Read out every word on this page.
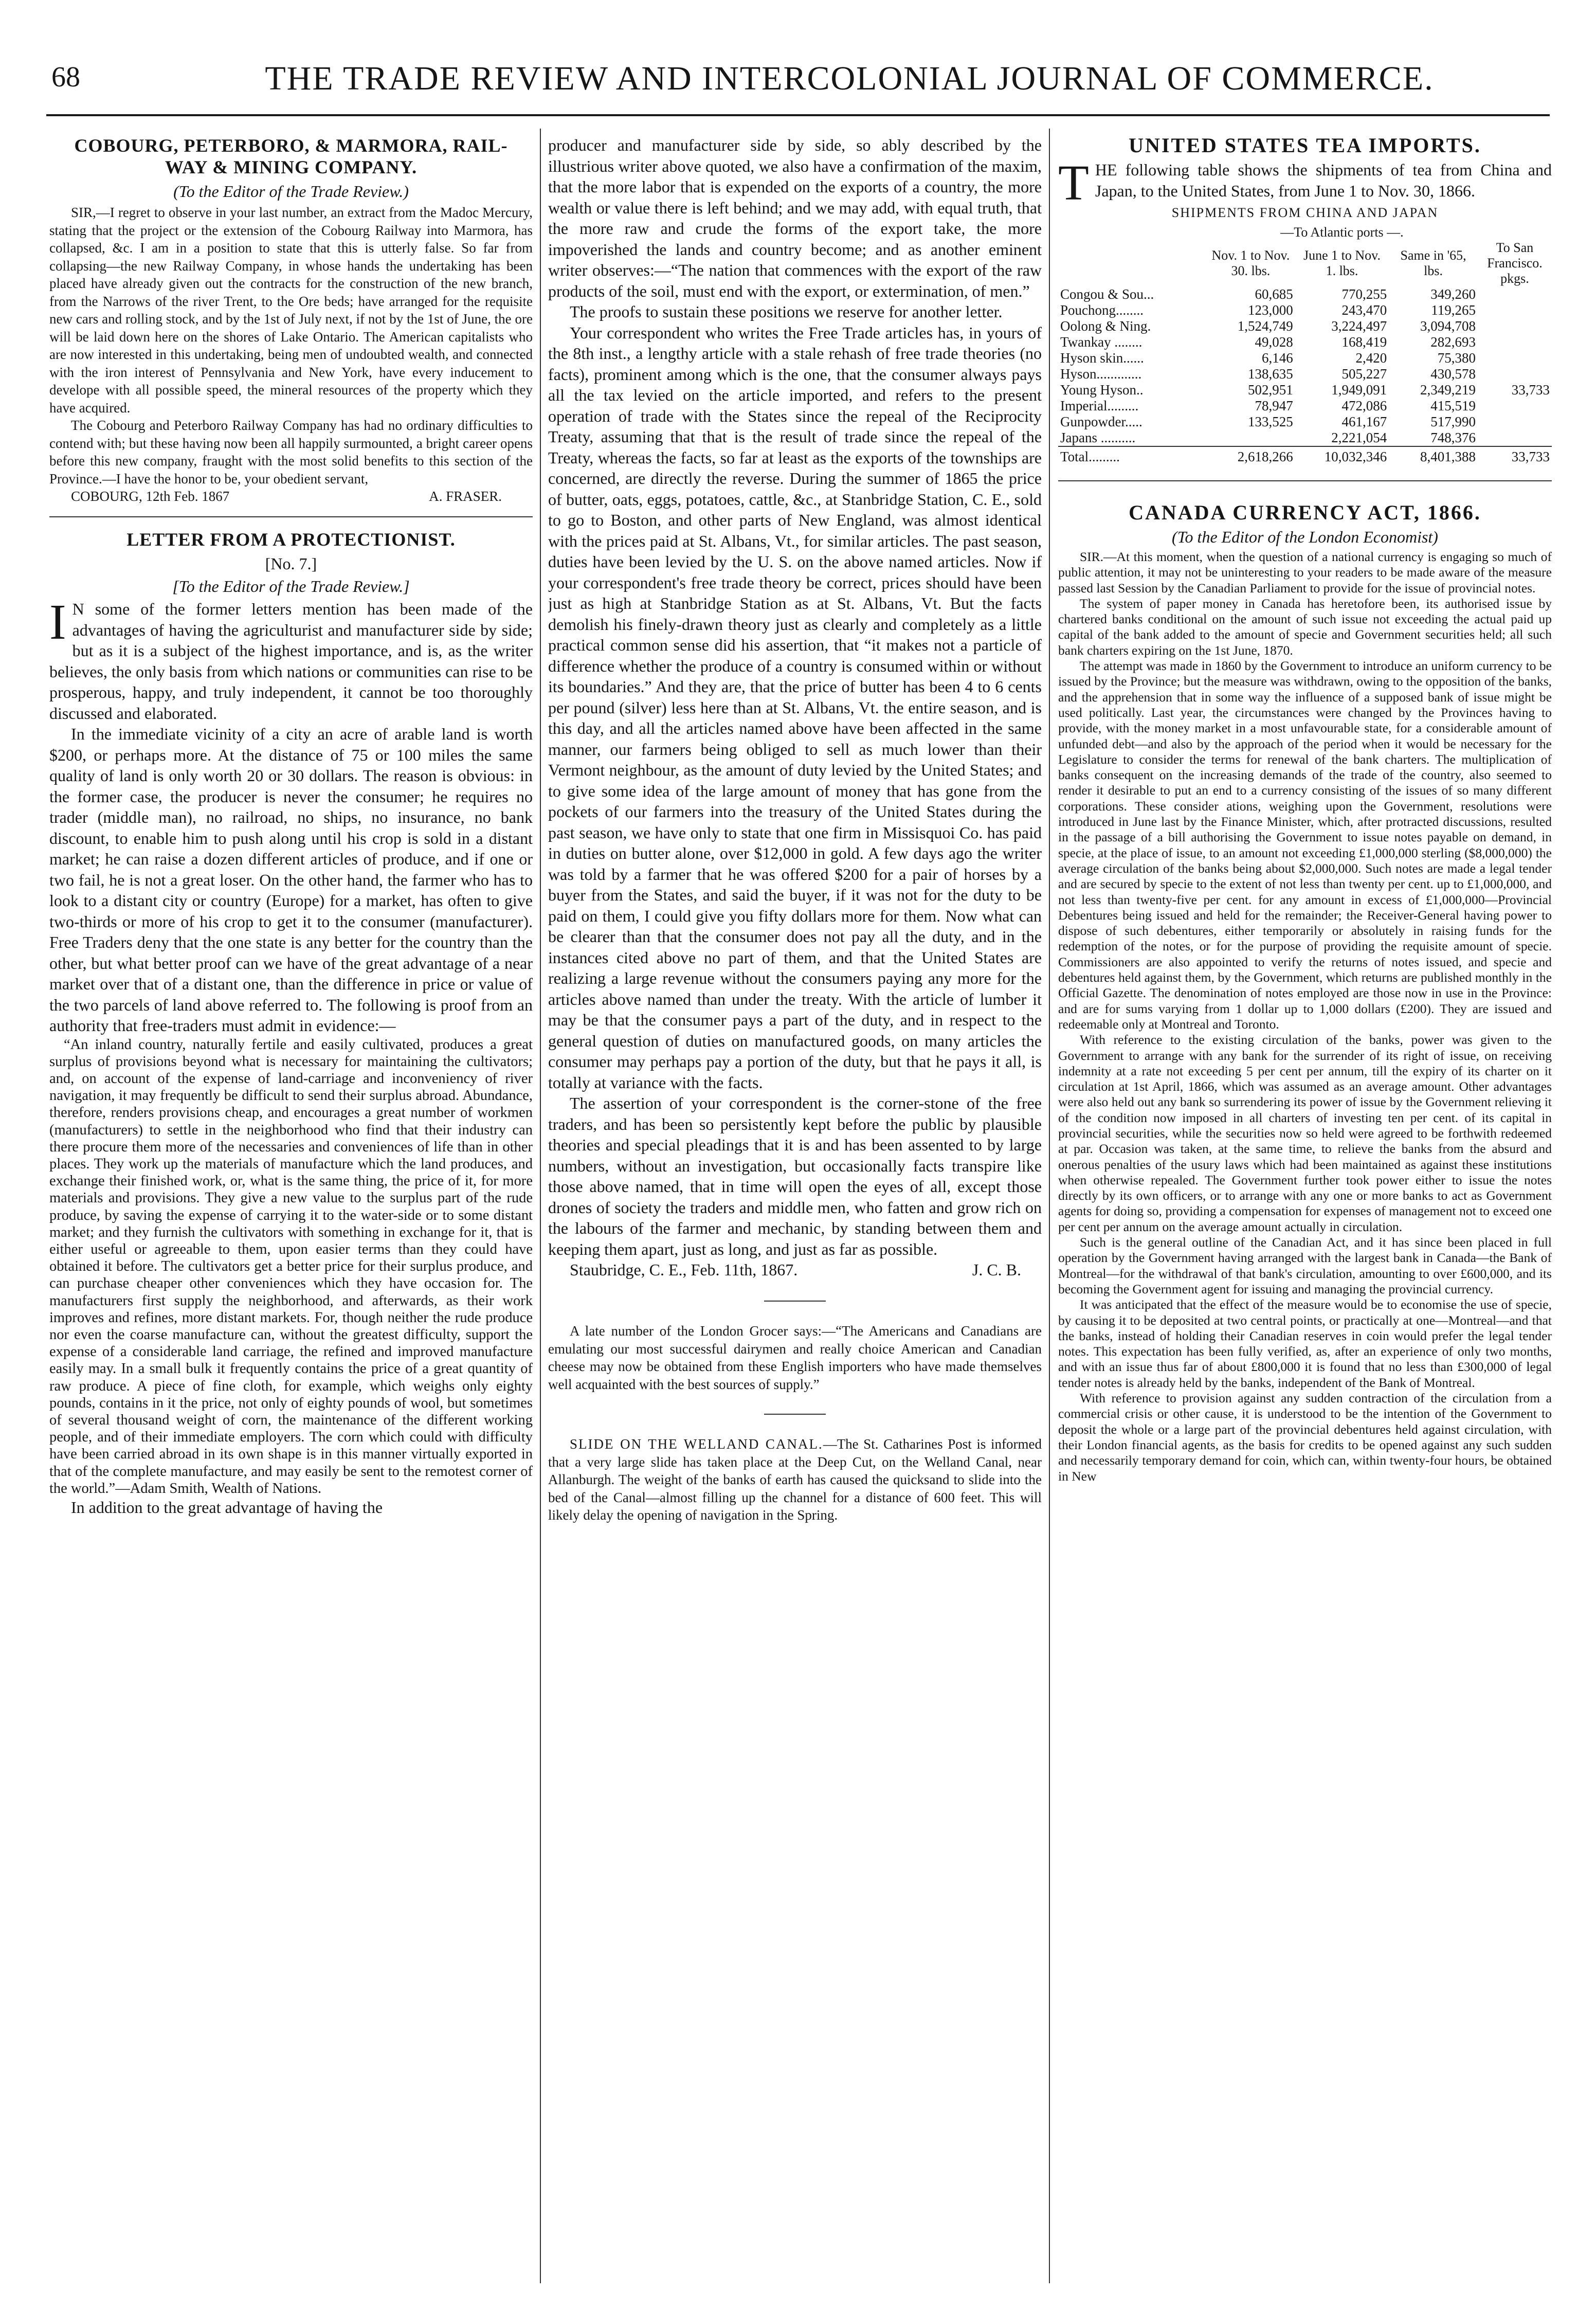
68	THE TRADE REVIEW AND INTERCOLONIAL JOURNAL OF COMMERCE.
COBOURG, PETERBORO, & MARMORA, RAIL-
WAY & MINING COMPANY.
(To the Editor of the Trade Review.)

SIR,—I regret to observe in your last number, an extract from the Madoc Mercury, stating that the project or the extension of the Cobourg Railway into Marmora, has collapsed, &c. I am in a position to state that this is utterly false. So far from collapsing—the new Railway Company, in whose hands the undertaking has been placed have already given out the contracts for the construction of the new branch, from the Narrows of the river Trent, to the Ore beds; have arranged for the requisite new cars and rolling stock, and by the 1st of July next, if not by the 1st of June, the ore will be laid down here on the shores of Lake Ontario. The American capitalists who are now interested in this undertaking, being men of undoubted wealth, and connected with the iron interest of Pennsylvania and New York, have every inducement to develope with all possible speed, the mineral resources of the property which they have acquired.

The Cobourg and Peterboro Railway Company has had no ordinary difficulties to contend with; but these having now been all happily surmounted, a bright career opens before this new company, fraught with the most solid benefits to this section of the Province.—I have the honor to be, your obedient servant,

COBOURG, 12th Feb. 1867	A. FRASER.
LETTER FROM A PROTECTIONIST.
[No. 7.]
[To the Editor of the Trade Review.]

I N some of the former letters mention has been made of the advantages of having the agriculturist and manufacturer side by side; but as it is a subject of the highest importance, and is, as the writer believes, the only basis from which nations or communities can rise to be prosperous, happy, and truly independent, it cannot be too thoroughly discussed and elaborated.

In the immediate vicinity of a city an acre of arable land is worth $200, or perhaps more. At the distance of 75 or 100 miles the same quality of land is only worth 20 or 30 dollars. The reason is obvious: in the former case, the producer is never the consumer; he requires no trader (middle man), no railroad, no ships, no insurance, no bank discount, to enable him to push along until his crop is sold in a distant market; he can raise a dozen different articles of produce, and if one or two fail, he is not a great loser. On the other hand, the farmer who has to look to a distant city or country (Europe) for a market, has often to give two-thirds or more of his crop to get it to the consumer (manufacturer). Free Traders deny that the one state is any better for the country than the other, but what better proof can we have of the great advantage of a near market over that of a distant one, than the difference in price or value of the two parcels of land above referred to. The following is proof from an authority that free-traders must admit in evidence:—

“An inland country, naturally fertile and easily cultivated, produces a great surplus of provisions beyond what is necessary for maintaining the cultivators; and, on account of the expense of land-carriage and inconveniency of river navigation, it may frequently be difficult to send their surplus abroad. Abundance, therefore, renders provisions cheap, and encourages a great number of workmen (manufacturers) to settle in the neighborhood who find that their industry can there procure them more of the necessaries and conveniences of life than in other places. They work up the materials of manufacture which the land produces, and exchange their finished work, or, what is the same thing, the price of it, for more materials and provisions. They give a new value to the surplus part of the rude produce, by saving the expense of carrying it to the water-side or to some distant market; and they furnish the cultivators with something in exchange for it, that is either useful or agreeable to them, upon easier terms than they could have obtained it before. The cultivators get a better price for their surplus produce, and can purchase cheaper other conveniences which they have occasion for. The manufacturers first supply the neighborhood, and afterwards, as their work improves and refines, more distant markets. For, though neither the rude produce nor even the coarse manufacture can, without the greatest difficulty, support the expense of a considerable land carriage, the refined and improved manufacture easily may. In a small bulk it frequently contains the price of a great quantity of raw produce. A piece of fine cloth, for example, which weighs only eighty pounds, contains in it the price, not only of eighty pounds of wool, but sometimes of several thousand weight of corn, the maintenance of the different working people, and of their immediate employers. The corn which could with difficulty have been carried abroad in its own shape is in this manner virtually exported in that of the complete manufacture, and may easily be sent to the remotest corner of the world.”—Adam Smith, Wealth of Nations.

In addition to the great advantage of having the

producer and manufacturer side by side, so ably described by the illustrious writer above quoted, we also have a confirmation of the maxim, that the more labor that is expended on the exports of a country, the more wealth or value there is left behind; and we may add, with equal truth, that the more raw and crude the forms of the export take, the more impoverished the lands and country become; and as another eminent writer observes:—“The nation that commences with the export of the raw products of the soil, must end with the export, or extermination, of men.”

The proofs to sustain these positions we reserve for another letter.

Your correspondent who writes the Free Trade articles has, in yours of the 8th inst., a lengthy article with a stale rehash of free trade theories (no facts), prominent among which is the one, that the consumer always pays all the tax levied on the article imported, and refers to the present operation of trade with the States since the repeal of the Reciprocity Treaty, assuming that that is the result of trade since the repeal of the Treaty, whereas the facts, so far at least as the exports of the townships are concerned, are directly the reverse. During the summer of 1865 the price of butter, oats, eggs, potatoes, cattle, &c., at Stanbridge Station, C. E., sold to go to Boston, and other parts of New England, was almost identical with the prices paid at St. Albans, Vt., for similar articles. The past season, duties have been levied by the U. S. on the above named articles. Now if your correspondent's free trade theory be correct, prices should have been just as high at Stanbridge Station as at St. Albans, Vt. But the facts demolish his finely-drawn theory just as clearly and completely as a little practical common sense did his assertion, that “it makes not a particle of difference whether the produce of a country is consumed within or without its boundaries.” And they are, that the price of butter has been 4 to 6 cents per pound (silver) less here than at St. Albans, Vt. the entire season, and is this day, and all the articles named above have been affected in the same manner, our farmers being obliged to sell as much lower than their Vermont neighbour, as the amount of duty levied by the United States; and to give some idea of the large amount of money that has gone from the pockets of our farmers into the treasury of the United States during the past season, we have only to state that one firm in Missisquoi Co. has paid in duties on butter alone, over $12,000 in gold. A few days ago the writer was told by a farmer that he was offered $200 for a pair of horses by a buyer from the States, and said the buyer, if it was not for the duty to be paid on them, I could give you fifty dollars more for them. Now what can be clearer than that the consumer does not pay all the duty, and in the instances cited above no part of them, and that the United States are realizing a large revenue without the consumers paying any more for the articles above named than under the treaty. With the article of lumber it may be that the consumer pays a part of the duty, and in respect to the general question of duties on manufactured goods, on many articles the consumer may perhaps pay a portion of the duty, but that he pays it all, is totally at variance with the facts.

The assertion of your correspondent is the corner-stone of the free traders, and has been so persistently kept before the public by plausible theories and special pleadings that it is and has been assented to by large numbers, without an investigation, but occasionally facts transpire like those above named, that in time will open the eyes of all, except those drones of society the traders and middle men, who fatten and grow rich on the labours of the farmer and mechanic, by standing between them and keeping them apart, just as long, and just as far as possible.

Staubridge, C. E., Feb. 11th, 1867.	J. C. B.

A late number of the London Grocer says:—“The Americans and Canadians are emulating our most successful dairymen and really choice American and Canadian cheese may now be obtained from these English importers who have made themselves well acquainted with the best sources of supply.”

SLIDE ON THE WELLAND CANAL.—The St. Catharines Post is informed that a very large slide has taken place at the Deep Cut, on the Welland Canal, near Allanburgh. The weight of the banks of earth has caused the quicksand to slide into the bed of the Canal—almost filling up the channel for a distance of 600 feet. This will likely delay the opening of navigation in the Spring.

UNITED STATES TEA IMPORTS.

THE following table shows the shipments of tea from China and Japan, to the United States, from June 1 to Nov. 30, 1866.

SHIPMENTS FROM CHINA AND JAPAN
	—To Atlantic ports —.			
	Nov. 1 to Nov. 30. lbs.	June 1 to Nov. 1. lbs.	Same in '65, lbs.	To San Francisco. pkgs.
Congou & Sou...	60,685	770,255	349,260	
Pouchong........	123,000	243,470	119,265	
Oolong & Ning.	1,524,749	3,224,497	3,094,708	
Twankay ........	49,028	168,419	282,693	
Hyson skin......	6,146	2,420	75,380	
Hyson.............	138,635	505,227	430,578	
Young Hyson..	502,951	1,949,091	2,349,219	33,733
Imperial.........	78,947	472,086	415,519	
Gunpowder.....	133,525	461,167	517,990	
Japans ..........		2,221,054	748,376	
Total.........	2,618,266	10,032,346	8,401,388	33,733
CANADA CURRENCY ACT, 1866.
(To the Editor of the London Economist)

SIR.—At this moment, when the question of a national currency is engaging so much of public attention, it may not be uninteresting to your readers to be made aware of the measure passed last Session by the Canadian Parliament to provide for the issue of provincial notes.

The system of paper money in Canada has heretofore been, its authorised issue by chartered banks conditional on the amount of such issue not exceeding the actual paid up capital of the bank added to the amount of specie and Government securities held; all such bank charters expiring on the 1st June, 1870.

The attempt was made in 1860 by the Government to introduce an uniform currency to be issued by the Province; but the measure was withdrawn, owing to the opposition of the banks, and the apprehension that in some way the influence of a supposed bank of issue might be used politically. Last year, the circumstances were changed by the Provinces having to provide, with the money market in a most unfavourable state, for a considerable amount of unfunded debt—and also by the approach of the period when it would be necessary for the Legislature to consider the terms for renewal of the bank charters. The multiplication of banks consequent on the increasing demands of the trade of the country, also seemed to render it desirable to put an end to a currency consisting of the issues of so many different corporations. These consider ations, weighing upon the Government, resolutions were introduced in June last by the Finance Minister, which, after protracted discussions, resulted in the passage of a bill authorising the Government to issue notes payable on demand, in specie, at the place of issue, to an amount not exceeding £1,000,000 sterling ($8,000,000) the average circulation of the banks being about $2,000,000. Such notes are made a legal tender and are secured by specie to the extent of not less than twenty per cent. up to £1,000,000, and not less than twenty-five per cent. for any amount in excess of £1,000,000—Provincial Debentures being issued and held for the remainder; the Receiver-General having power to dispose of such debentures, either temporarily or absolutely in raising funds for the redemption of the notes, or for the purpose of providing the requisite amount of specie. Commissioners are also appointed to verify the returns of notes issued, and specie and debentures held against them, by the Government, which returns are published monthly in the Official Gazette. The denomination of notes employed are those now in use in the Province: and are for sums varying from 1 dollar up to 1,000 dollars (£200). They are issued and redeemable only at Montreal and Toronto.

With reference to the existing circulation of the banks, power was given to the Government to arrange with any bank for the surrender of its right of issue, on receiving indemnity at a rate not exceeding 5 per cent per annum, till the expiry of its charter on it circulation at 1st April, 1866, which was assumed as an average amount. Other advantages were also held out any bank so surrendering its power of issue by the Government relieving it of the condition now imposed in all charters of investing ten per cent. of its capital in provincial securities, while the securities now so held were agreed to be forthwith redeemed at par. Occasion was taken, at the same time, to relieve the banks from the absurd and onerous penalties of the usury laws which had been maintained as against these institutions when otherwise repealed. The Government further took power either to issue the notes directly by its own officers, or to arrange with any one or more banks to act as Government agents for doing so, providing a compensation for expenses of management not to exceed one per cent per annum on the average amount actually in circulation.

Such is the general outline of the Canadian Act, and it has since been placed in full operation by the Government having arranged with the largest bank in Canada—the Bank of Montreal—for the withdrawal of that bank's circulation, amounting to over £600,000, and its becoming the Government agent for issuing and managing the provincial currency.

It was anticipated that the effect of the measure would be to economise the use of specie, by causing it to be deposited at two central points, or practically at one—Montreal—and that the banks, instead of holding their Canadian reserves in coin would prefer the legal tender notes. This expectation has been fully verified, as, after an experience of only two months, and with an issue thus far of about £800,000 it is found that no less than £300,000 of legal tender notes is already held by the banks, independent of the Bank of Montreal.

With reference to provision against any sudden contraction of the circulation from a commercial crisis or other cause, it is understood to be the intention of the Government to deposit the whole or a large part of the provincial debentures held against circulation, with their London financial agents, as the basis for credits to be opened against any such sudden and necessarily temporary demand for coin, which can, within twenty-four hours, be obtained in New
